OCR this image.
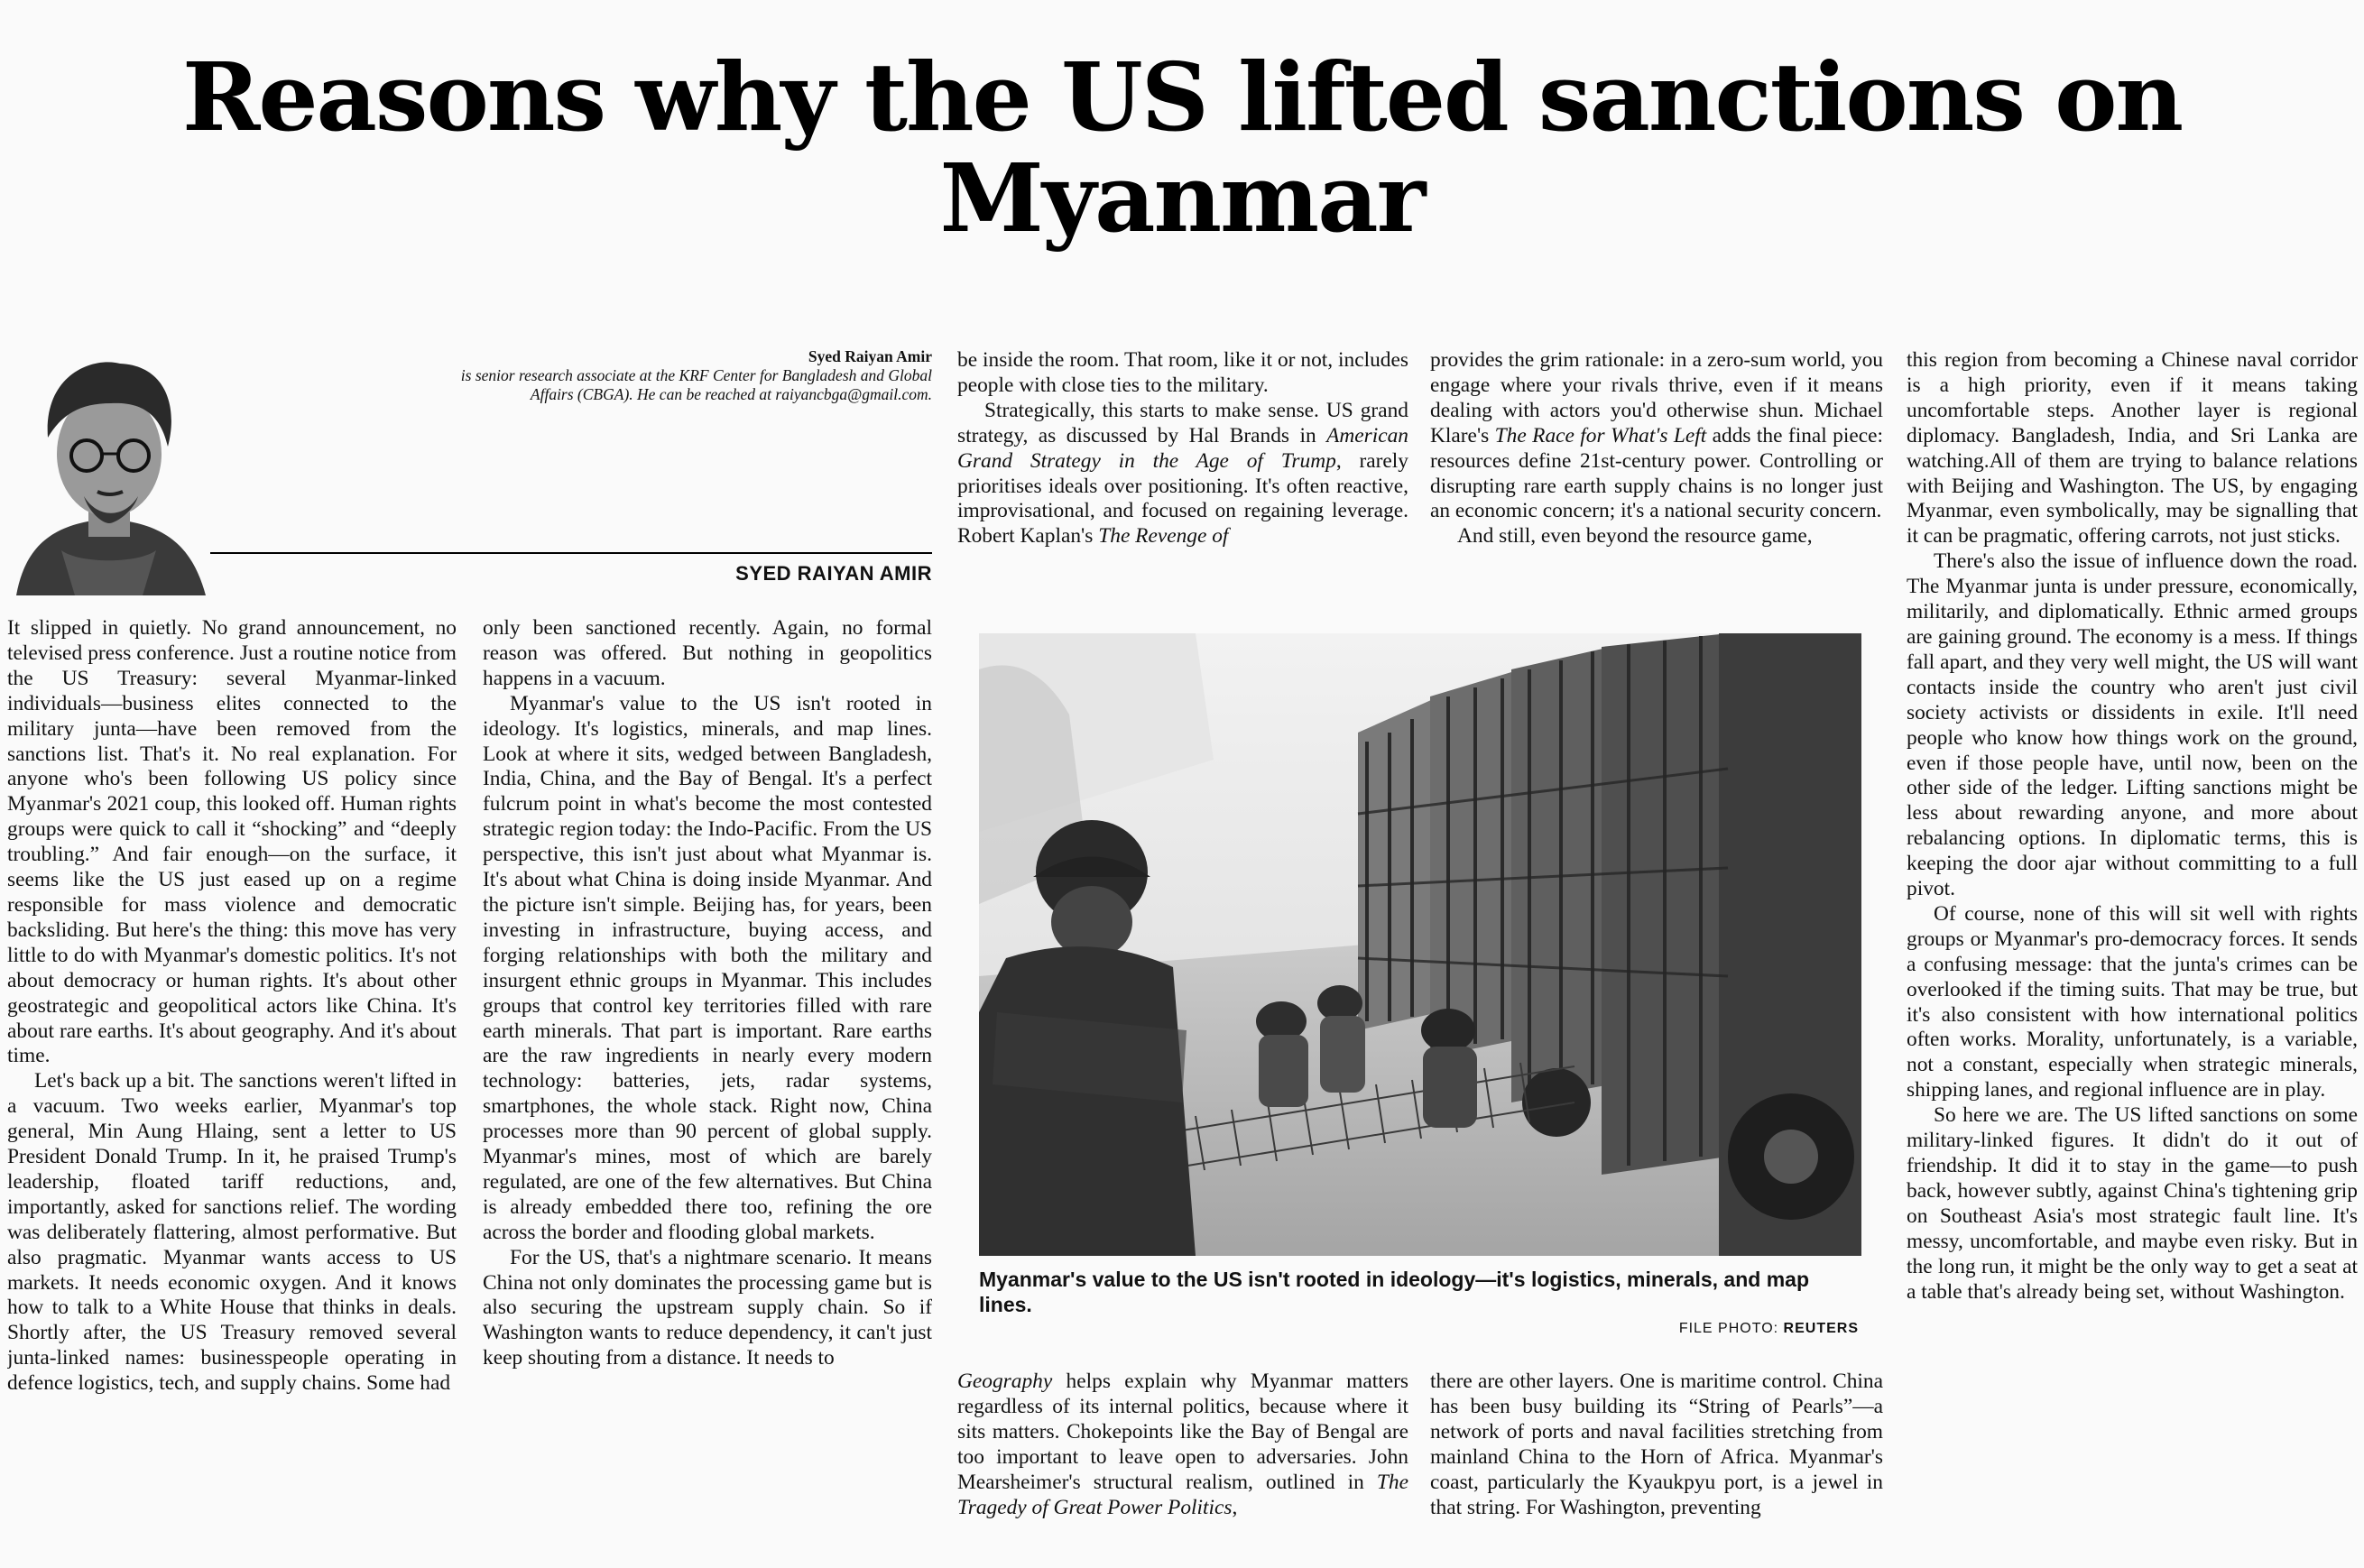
Reasons why the US lifted sanctions on Myanmar
Syed Raiyan Amir
is senior research associate at the KRF Center for Bangladesh and Global Affairs (CBGA). He can be reached at raiyancbga@gmail.com.
SYED RAIYAN AMIR

It slipped in quietly. No grand announcement, no televised press conference. Just a routine notice from the US Treasury: several Myanmar-linked individuals—business elites connected to the military junta—have been removed from the sanctions list. That's it. No real explanation. For anyone who's been following US policy since Myanmar's 2021 coup, this looked off. Human rights groups were quick to call it “shocking” and “deeply troubling.” And fair enough—on the surface, it seems like the US just eased up on a regime responsible for mass violence and democratic backsliding. But here's the thing: this move has very little to do with Myanmar's domestic politics. It's not about democracy or human rights. It's about other geostrategic and geopolitical actors like China. It's about rare earths. It's about geography. And it's about time.

Let's back up a bit. The sanctions weren't lifted in a vacuum. Two weeks earlier, Myanmar's top general, Min Aung Hlaing, sent a letter to US President Donald Trump. In it, he praised Trump's leadership, floated tariff reductions, and, importantly, asked for sanctions relief. The wording was deliberately flattering, almost performative. But also pragmatic. Myanmar wants access to US markets. It needs economic oxygen. And it knows how to talk to a White House that thinks in deals. Shortly after, the US Treasury removed several junta-linked names: businesspeople operating in defence logistics, tech, and supply chains. Some had

only been sanctioned recently. Again, no formal reason was offered. But nothing in geopolitics happens in a vacuum.

Myanmar's value to the US isn't rooted in ideology. It's logistics, minerals, and map lines. Look at where it sits, wedged between Bangladesh, India, China, and the Bay of Bengal. It's a perfect fulcrum point in what's become the most contested strategic region today: the Indo-Pacific. From the US perspective, this isn't just about what Myanmar is. It's about what China is doing inside Myanmar. And the picture isn't simple. Beijing has, for years, been investing in infrastructure, buying access, and forging relationships with both the military and insurgent ethnic groups in Myanmar. This includes groups that control key territories filled with rare earth minerals. That part is important. Rare earths are the raw ingredients in nearly every modern technology: batteries, jets, radar systems, smartphones, the whole stack. Right now, China processes more than 90 percent of global supply. Myanmar's mines, most of which are barely regulated, are one of the few alternatives. But China is already embedded there too, refining the ore across the border and flooding global markets.

For the US, that's a nightmare scenario. It means China not only dominates the processing game but is also securing the upstream supply chain. So if Washington wants to reduce dependency, it can't just keep shouting from a distance. It needs to

be inside the room. That room, like it or not, includes people with close ties to the military.

Strategically, this starts to make sense. US grand strategy, as discussed by Hal Brands in American Grand Strategy in the Age of Trump, rarely prioritises ideals over positioning. It's often reactive, improvisational, and focused on regaining leverage. Robert Kaplan's The Revenge of

provides the grim rationale: in a zero-sum world, you engage where your rivals thrive, even if it means dealing with actors you'd otherwise shun. Michael Klare's The Race for What's Left adds the final piece: resources define 21st-century power. Controlling or disrupting rare earth supply chains is no longer just an economic concern; it's a national security concern.

And still, even beyond the resource game,

Myanmar's value to the US isn't rooted in ideology—it's logistics, minerals, and map lines.
FILE PHOTO: REUTERS

Geography helps explain why Myanmar matters regardless of its internal politics, because where it sits matters. Chokepoints like the Bay of Bengal are too important to leave open to adversaries. John Mearsheimer's structural realism, outlined in The Tragedy of Great Power Politics,

there are other layers. One is maritime control. China has been busy building its “String of Pearls”—a network of ports and naval facilities stretching from mainland China to the Horn of Africa. Myanmar's coast, particularly the Kyaukpyu port, is a jewel in that string. For Washington, preventing

this region from becoming a Chinese naval corridor is a high priority, even if it means taking uncomfortable steps. Another layer is regional diplomacy. Bangladesh, India, and Sri Lanka are watching.All of them are trying to balance relations with Beijing and Washington. The US, by engaging Myanmar, even symbolically, may be signalling that it can be pragmatic, offering carrots, not just sticks.

There's also the issue of influence down the road. The Myanmar junta is under pressure, economically, militarily, and diplomatically. Ethnic armed groups are gaining ground. The economy is a mess. If things fall apart, and they very well might, the US will want contacts inside the country who aren't just civil society activists or dissidents in exile. It'll need people who know how things work on the ground, even if those people have, until now, been on the other side of the ledger. Lifting sanctions might be less about rewarding anyone, and more about rebalancing options. In diplomatic terms, this is keeping the door ajar without committing to a full pivot.

Of course, none of this will sit well with rights groups or Myanmar's pro-democracy forces. It sends a confusing message: that the junta's crimes can be overlooked if the timing suits. That may be true, but it's also consistent with how international politics often works. Morality, unfortunately, is a variable, not a constant, especially when strategic minerals, shipping lanes, and regional influence are in play.

So here we are. The US lifted sanctions on some military-linked figures. It didn't do it out of friendship. It did it to stay in the game—to push back, however subtly, against China's tightening grip on Southeast Asia's most strategic fault line. It's messy, uncomfortable, and maybe even risky. But in the long run, it might be the only way to get a seat at a table that's already being set, without Washington.
